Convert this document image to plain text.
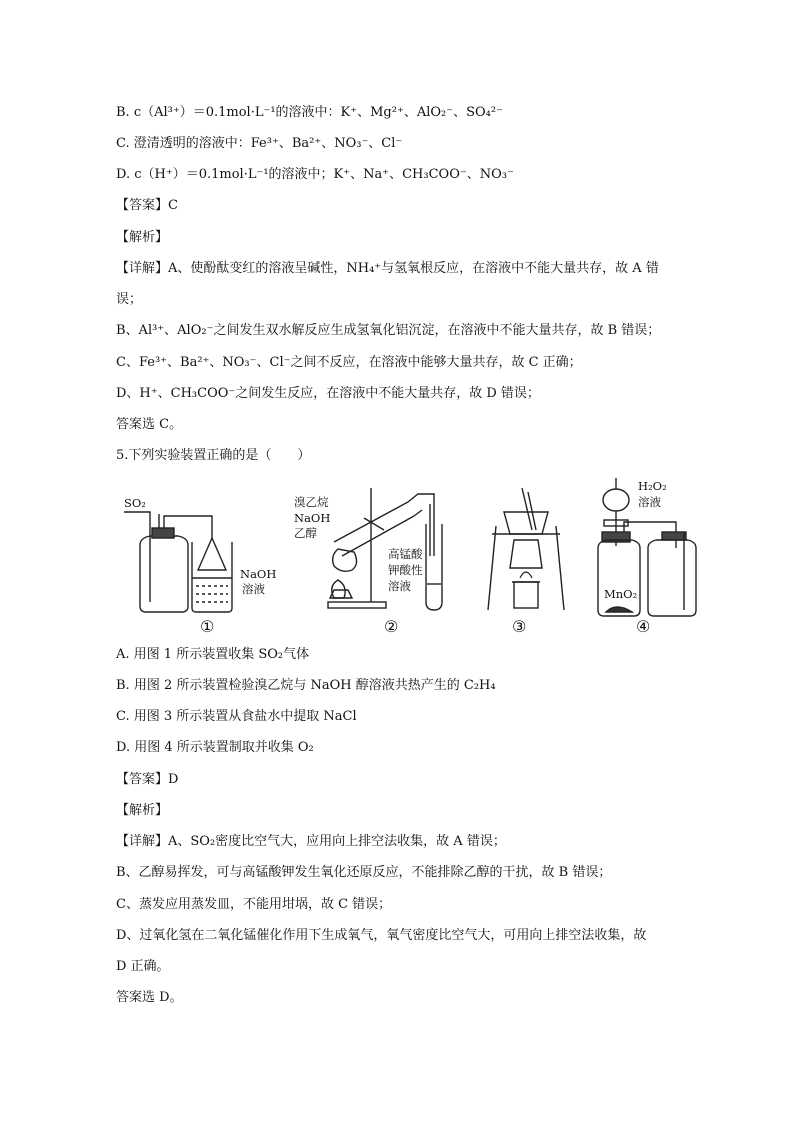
B. c（Al³⁺）＝0.1mol·L⁻¹的溶液中：K⁺、Mg²⁺、AlO₂⁻、SO₄²⁻
C. 澄清透明的溶液中：Fe³⁺、Ba²⁺、NO₃⁻、Cl⁻
D. c（H⁺）＝0.1mol·L⁻¹的溶液中；K⁺、Na⁺、CH₃COO⁻、NO₃⁻
【答案】C
【解析】
【详解】A、使酚酞变红的溶液呈碱性，NH₄⁺与氢氧根反应，在溶液中不能大量共存，故 A 错
误；
B、Al³⁺、AlO₂⁻之间发生双水解反应生成氢氧化铝沉淀，在溶液中不能大量共存，故 B 错误；
C、Fe³⁺、Ba²⁺、NO₃⁻、Cl⁻之间不反应，在溶液中能够大量共存，故 C 正确；
D、H⁺、CH₃COO⁻之间发生反应，在溶液中不能大量共存，故 D 错误；
答案选 C。
5.下列实验装置正确的是（　　）
SO₂
NaOH
溶液
①
溴乙烷
NaOH
乙醇
高锰酸
钾酸性
溶液
②	③
H₂O₂
溶液
MnO₂
④
A. 用图 1 所示装置收集 SO₂气体
B. 用图 2 所示装置检验溴乙烷与 NaOH 醇溶液共热产生的 C₂H₄
C. 用图 3 所示装置从食盐水中提取 NaCl
D. 用图 4 所示装置制取并收集 O₂
【答案】D
【解析】
【详解】A、SO₂密度比空气大，应用向上排空法收集，故 A 错误；
B、乙醇易挥发，可与高锰酸钾发生氧化还原反应，不能排除乙醇的干扰，故 B 错误；
C、蒸发应用蒸发皿，不能用坩埚，故 C 错误；
D、过氧化氢在二氧化锰催化作用下生成氧气，氧气密度比空气大，可用向上排空法收集，故
D 正确。
答案选 D。
